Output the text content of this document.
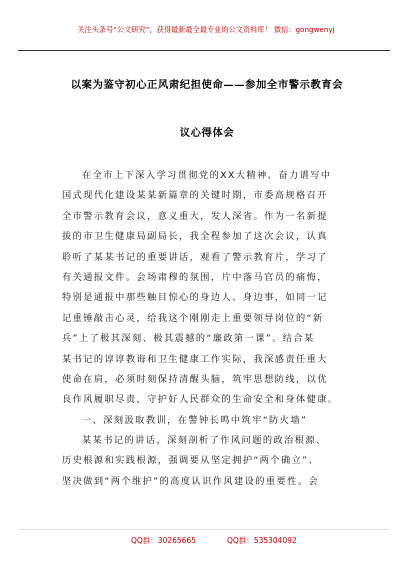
关注头条号“公文研究”，获得最新最全最专业的公文资料库！ 微信：gongwenyj
以案为鉴守初心正风肃纪担使命——参加全市警示教育会
议心得体会
在全市上下深入学习贯彻党的XX大精神、奋力谱写中
国式现代化建设某某新篇章的关键时期，市委高规格召开
全市警示教育会议，意义重大，发人深省。作为一名新提
拔的市卫生健康局副局长，我全程参加了这次会议，认真
聆听了某某书记的重要讲话，观看了警示教育片，学习了
有关通报文件。会场肃穆的氛围，片中落马官员的痛悔，
特别是通报中那些触目惊心的身边人、身边事，如同一记
记重锤敲击心灵，给我这个刚刚走上重要领导岗位的“新
兵”上了极其深刻、极其震撼的“廉政第一课”。结合某
某书记的谆谆教诲和卫生健康工作实际，我深感责任重大
使命在肩，必须时刻保持清醒头脑，筑牢思想防线，以优
良作风履职尽责，守护好人民群众的生命安全和身体健康。
一、深刻汲取教训，在警钟长鸣中筑牢“防火墙”
某某书记的讲话，深刻剖析了作风问题的政治根源、
历史根源和实践根源，强调要从坚定拥护“两个确立”、
坚决做到“两个维护”的高度认识作风建设的重要性。会
QQ群：30265665	QQ群：535304092
